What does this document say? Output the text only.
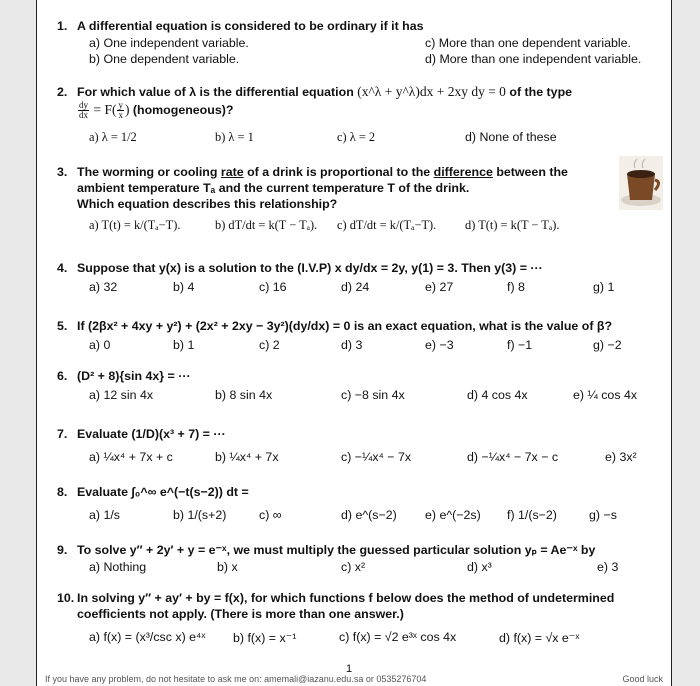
1. A differential equation is considered to be ordinary if it has
a) One independent variable.
b) One dependent variable.
c) More than one dependent variable.
d) More than one independent variable.
2. For which value of λ is the differential equation (x^λ + y^λ)dx + 2xy dy = 0 of the type
$\frac{dy}{dx} = F( \frac{y}{x}$ ) (homogeneous)?
a) λ = 1/2	b) λ = 1	c) λ = 2	d) None of these
3. The worming or cooling rate of a drink is proportional to the difference between the
ambient temperature Tₐ and the current temperature T of the drink.
Which equation describes this relationship?
a) T(t) = k/(Tₐ−T).	b) dT/dt = k(T − Tₐ). c) dT/dt = k/(Tₐ−T). d) T(t) = k(T − Tₐ).
4. Suppose that y(x) is a solution to the (I.V.P) x dy/dx = 2y, y(1) = 3. Then y(3) = ···
a) 32	b) 4	c) 16	d) 24	e) 27	f) 8	g) 1
5. If (2βx² + 4xy + y²) + (2x² + 2xy − 3y²)(dy/dx) = 0 is an exact equation, what is the value of β?
a) 0	b) 1	c) 2	d) 3	e) −3	f) −1	g) −2
6. (D² + 8){sin 4x} = ···
a) 12 sin 4x	b) 8 sin 4x	c) −8 sin 4x	d) 4 cos 4x	e) ¼ cos 4x
7. Evaluate (1/D)(x³ + 7) = ···
a) ¼x⁴ + 7x + c	b) ¼x⁴ + 7x	c) −¼x⁴ − 7x	d) −¼x⁴ − 7x − c	e) 3x²
8. Evaluate ∫₀^∞ e^(−t(s−2)) dt =
a) 1/s	b) 1/(s+2)	c) ∞	d) e^(s−2) e) e^(−2s) f) 1/(s−2)	g) −s
9. To solve y″ + 2y′ + y = e⁻ˣ, we must multiply the guessed particular solution yₚ = Ae⁻ˣ by
a) Nothing	b) x	c) x²	d) x³	e) 3
10. In solving y″ + ay′ + by = f(x), for which functions f below does the method of undetermined
coefficients not apply. (There is more than one answer.)
a) f(x) = (x³/csc x) e⁴ˣ b) f(x) = x⁻¹	c) f(x) = √2 e³ˣ cos 4x	d) f(x) = √x e⁻ˣ
1
If you have any problem, do not hesitate to ask me on: amemali@iazanu.edu.sa or 0535276704	Good luck
